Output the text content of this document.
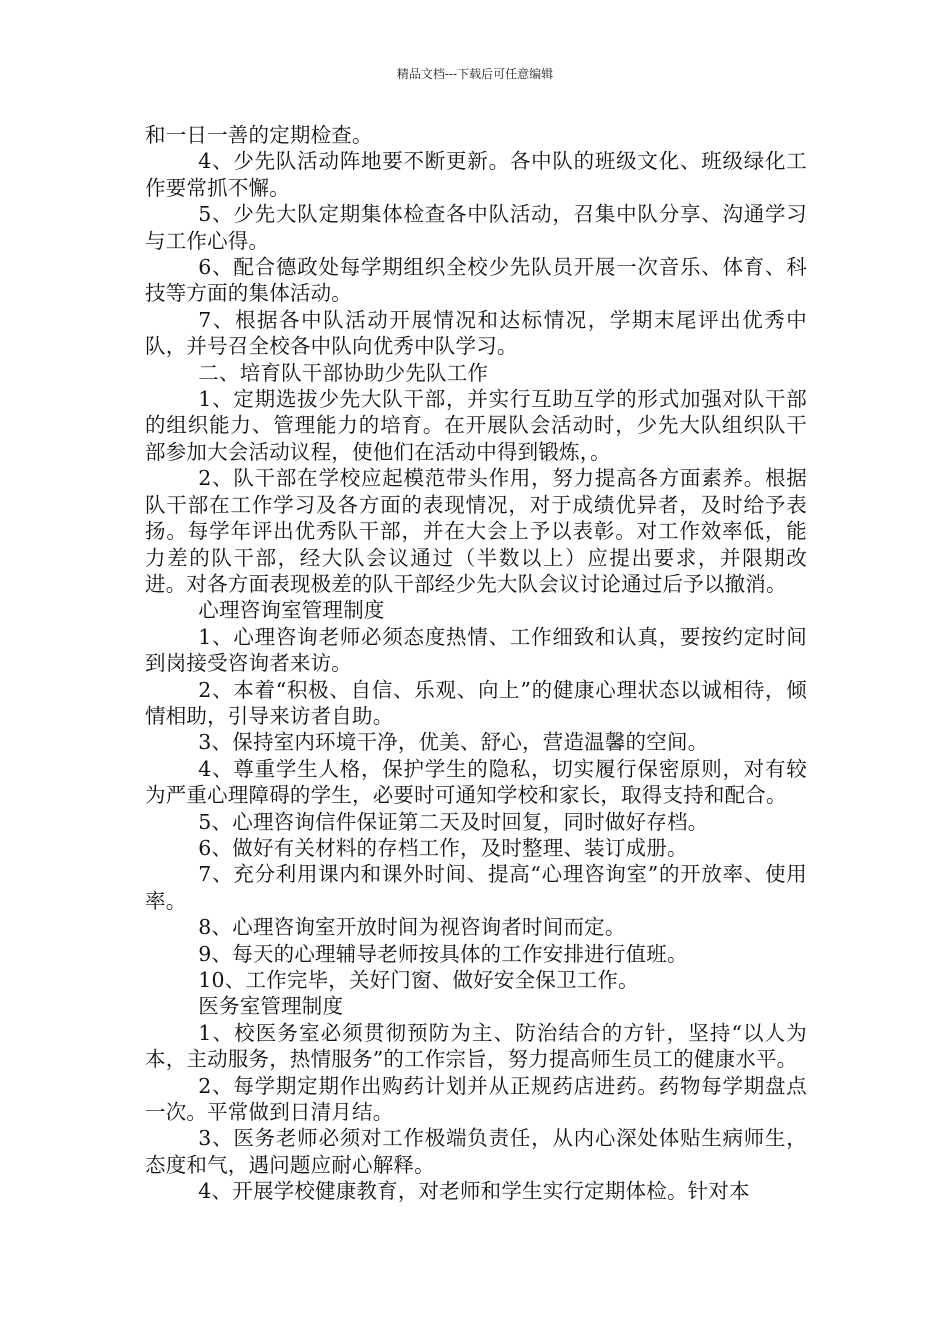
精品文档---下载后可任意编辑

和一日一善的定期检查。

4、少先队活动阵地要不断更新。各中队的班级文化、班级绿化工作要常抓不懈。

5、少先大队定期集体检查各中队活动，召集中队分享、沟通学习与工作心得。

6、配合德政处每学期组织全校少先队员开展一次音乐、体育、科技等方面的集体活动。

7、根据各中队活动开展情况和达标情况，学期末尾评出优秀中队，并号召全校各中队向优秀中队学习。

二、培育队干部协助少先队工作

1、定期选拔少先大队干部，并实行互助互学的形式加强对队干部的组织能力、管理能力的培育。在开展队会活动时，少先大队组织队干部参加大会活动议程，使他们在活动中得到锻炼，。

2、队干部在学校应起模范带头作用，努力提高各方面素养。根据队干部在工作学习及各方面的表现情况，对于成绩优异者，及时给予表扬。每学年评出优秀队干部，并在大会上予以表彰。对工作效率低，能力差的队干部，经大队会议通过（半数以上）应提出要求，并限期改进。对各方面表现极差的队干部经少先大队会议讨论通过后予以撤消。

心理咨询室管理制度

1、心理咨询老师必须态度热情、工作细致和认真，要按约定时间到岗接受咨询者来访。

2、本着“积极、自信、乐观、向上”的健康心理状态以诚相待，倾情相助，引导来访者自助。

3、保持室内环境干净，优美、舒心，营造温馨的空间。

4、尊重学生人格，保护学生的隐私，切实履行保密原则，对有较为严重心理障碍的学生，必要时可通知学校和家长，取得支持和配合。

5、心理咨询信件保证第二天及时回复，同时做好存档。

6、做好有关材料的存档工作，及时整理、装订成册。

7、充分利用课内和课外时间、提高“心理咨询室”的开放率、使用率。

8、心理咨询室开放时间为视咨询者时间而定。

9、每天的心理辅导老师按具体的工作安排进行值班。

10、工作完毕，关好门窗、做好安全保卫工作。

医务室管理制度

1、校医务室必须贯彻预防为主、防治结合的方针，坚持“以人为本，主动服务，热情服务”的工作宗旨，努力提高师生员工的健康水平。

2、每学期定期作出购药计划并从正规药店进药。药物每学期盘点一次。平常做到日清月结。

3、医务老师必须对工作极端负责任，从内心深处体贴生病师生，态度和气，遇问题应耐心解释。

4、开展学校健康教育，对老师和学生实行定期体检。针对本
